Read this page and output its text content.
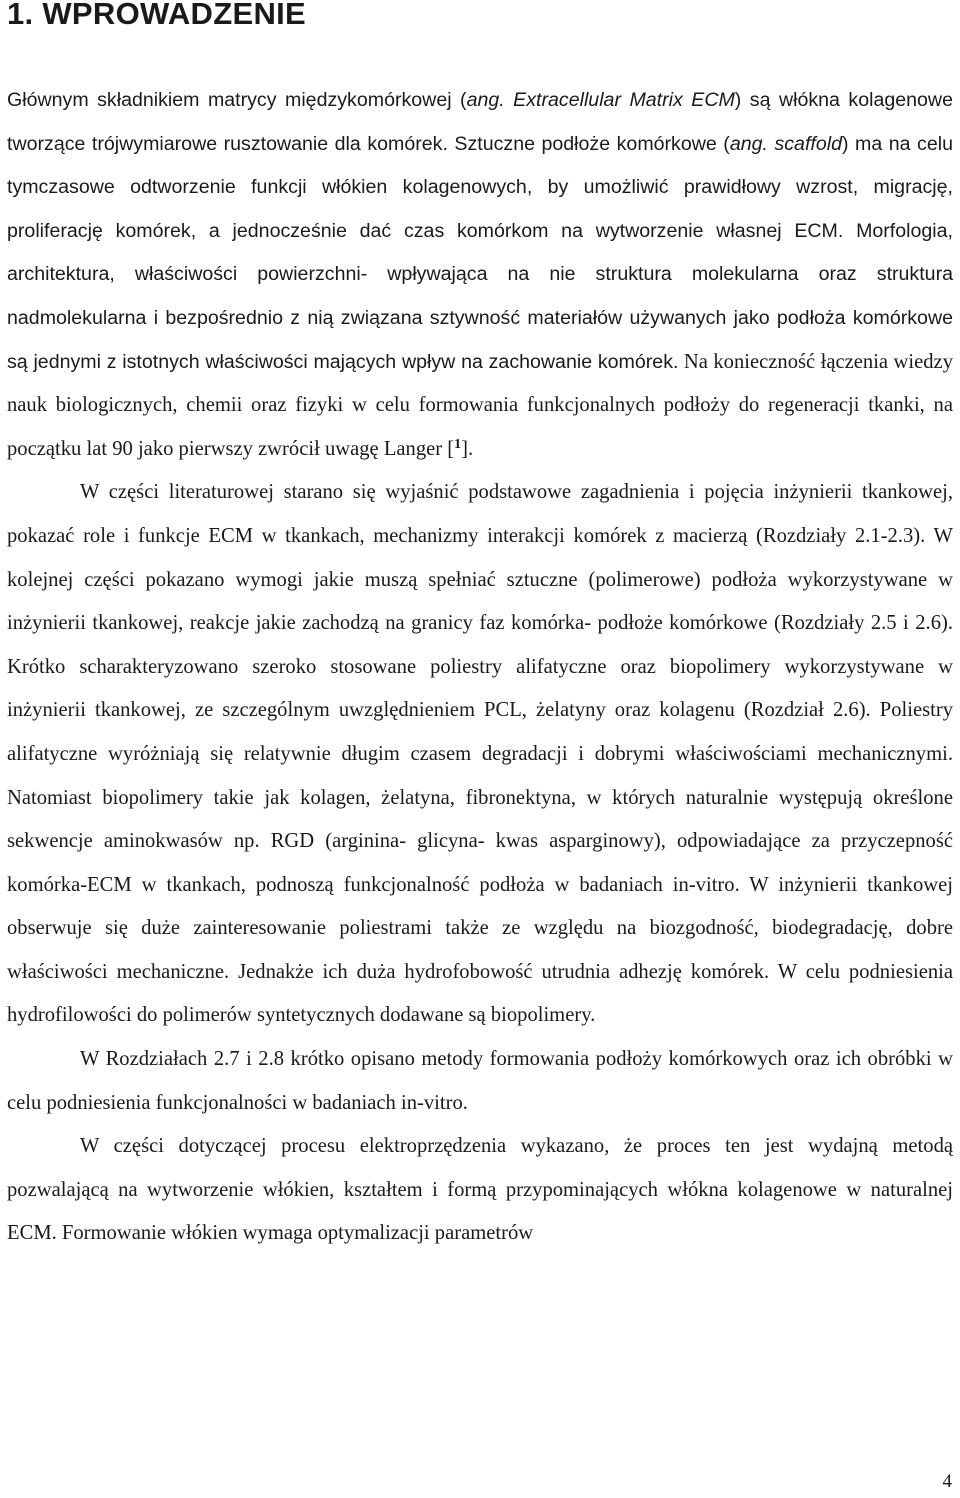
1. WPROWADZENIE

Głównym składnikiem matrycy międzykomórkowej (ang. Extracellular Matrix ECM) są włókna kolagenowe tworzące trójwymiarowe rusztowanie dla komórek. Sztuczne podłoże komórkowe (ang. scaffold) ma na celu tymczasowe odtworzenie funkcji włókien kolagenowych, by umożliwić prawidłowy wzrost, migrację, proliferację komórek, a jednocześnie dać czas komórkom na wytworzenie własnej ECM. Morfologia, architektura, właściwości powierzchni- wpływająca na nie struktura molekularna oraz struktura nadmolekularna i bezpośrednio z nią związana sztywność materiałów używanych jako podłoża komórkowe są jednymi z istotnych właściwości mających wpływ na zachowanie komórek. Na konieczność łączenia wiedzy nauk biologicznych, chemii oraz fizyki w celu formowania funkcjonalnych podłoży do regeneracji tkanki, na początku lat 90 jako pierwszy zwrócił uwagę Langer [$^1$].

W części literaturowej starano się wyjaśnić podstawowe zagadnienia i pojęcia inżynierii tkankowej, pokazać role i funkcje ECM w tkankach, mechanizmy interakcji komórek z macierzą (Rozdziały 2.1-2.3). W kolejnej części pokazano wymogi jakie muszą spełniać sztuczne (polimerowe) podłoża wykorzystywane w inżynierii tkankowej, reakcje jakie zachodzą na granicy faz komórka- podłoże komórkowe (Rozdziały 2.5 i 2.6). Krótko scharakteryzowano szeroko stosowane poliestry alifatyczne oraz biopolimery wykorzystywane w inżynierii tkankowej, ze szczególnym uwzględnieniem PCL, żelatyny oraz kolagenu (Rozdział 2.6). Poliestry alifatyczne wyróżniają się relatywnie długim czasem degradacji i dobrymi właściwościami mechanicznymi. Natomiast biopolimery takie jak kolagen, żelatyna, fibronektyna, w których naturalnie występują określone sekwencje aminokwasów np. RGD (arginina- glicyna- kwas asparginowy), odpowiadające za przyczepność komórka-ECM w tkankach, podnoszą funkcjonalność podłoża w badaniach in-vitro. W inżynierii tkankowej obserwuje się duże zainteresowanie poliestrami także ze względu na biozgodność, biodegradację, dobre właściwości mechaniczne. Jednakże ich duża hydrofobowość utrudnia adhezję komórek. W celu podniesienia hydrofilowości do polimerów syntetycznych dodawane są biopolimery.

W Rozdziałach 2.7 i 2.8 krótko opisano metody formowania podłoży komórkowych oraz ich obróbki w celu podniesienia funkcjonalności w badaniach in-vitro.

W części dotyczącej procesu elektroprzędzenia wykazano, że proces ten jest wydajną metodą pozwalającą na wytworzenie włókien, kształtem i formą przypominających włókna kolagenowe w naturalnej ECM. Formowanie włókien wymaga optymalizacji parametrów

4
